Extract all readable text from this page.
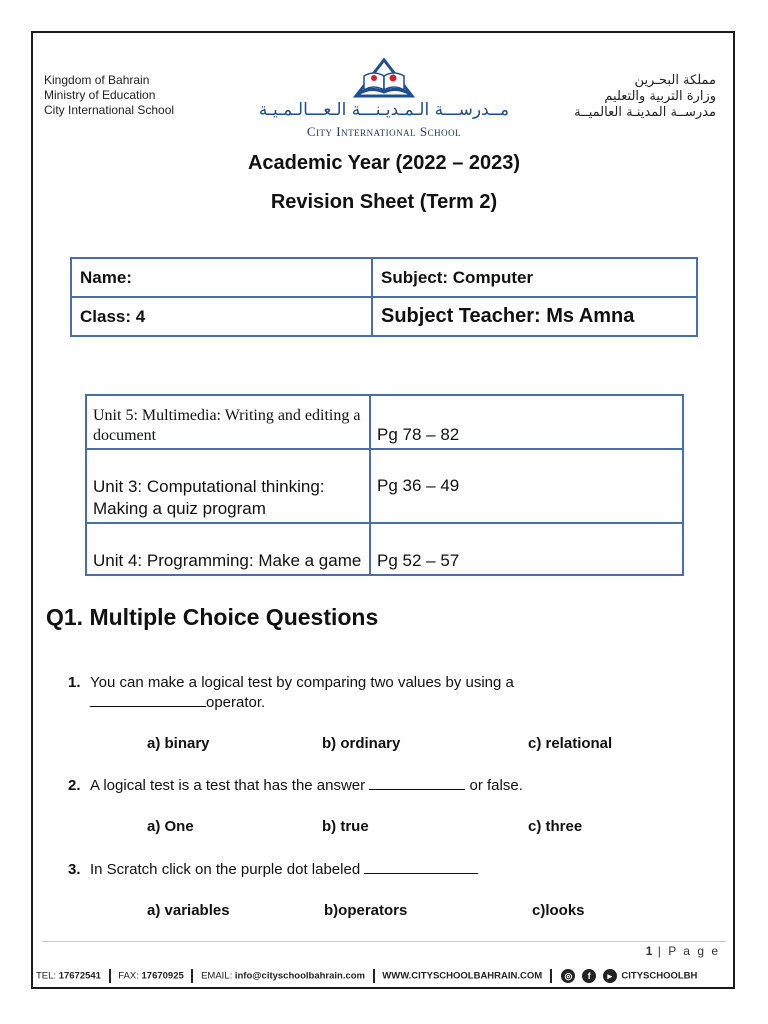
Kingdom of Bahrain
Ministry of Education
City International School
مملكة البحـرين
وزارة التربية والتعليم
مدرســة المدينـة العالميــة
مــدرســـة الـمـديـنـــة الـعـــالـمـيـة
City International School
Academic Year (2022 – 2023)
Revision Sheet (Term 2)
Name:	Subject: Computer
Class: 4	Subject Teacher: Ms Amna
Unit 5: Multimedia: Writing and editing a document	Pg 78 – 82
Unit 3: Computational thinking: Making a quiz program	Pg 36 – 49
Unit 4: Programming: Make a game	Pg 52 – 57
Q1. Multiple Choice Questions
1. You can make a logical test by comparing two values by using a
operator.
a) binary	b) ordinary	c) relational
2. A logical test is a test that has the answer	or false.
a) One	b) true	c) three
3. In Scratch click on the purple dot labeled
a) variables	b)operators	c)looks
1 | P a g e
TEL: 17672541 FAX: 17670925 EMAIL: info@cityschoolbahrain.com WWW.CITYSCHOOLBAHRAIN.COM ◎ f ▸ CITYSCHOOLBH
